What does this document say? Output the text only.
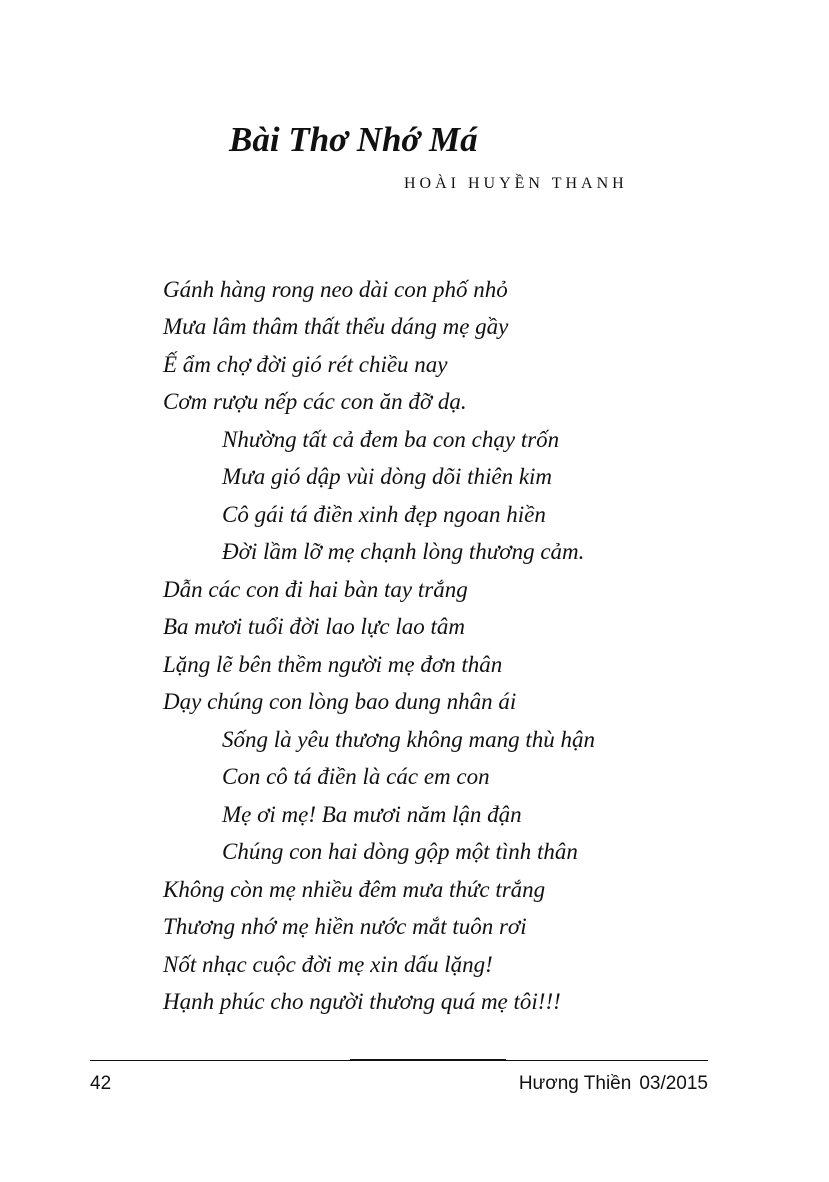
Bài Thơ Nhớ Má
HOÀI HUYỀN THANH
Gánh hàng rong neo dài con phố nhỏ
Mưa lâm thâm thất thểu dáng mẹ gầy
Ế ẩm chợ đời gió rét chiều nay
Cơm rượu nếp các con ăn đỡ dạ.
Nhường tất cả đem ba con chạy trốn
Mưa gió dập vùi dòng dõi thiên kim
Cô gái tá điền xinh đẹp ngoan hiền
Đời lầm lỡ mẹ chạnh lòng thương cảm.
Dẫn các con đi hai bàn tay trắng
Ba mươi tuổi đời lao lực lao tâm
Lặng lẽ bên thềm người mẹ đơn thân
Dạy chúng con lòng bao dung nhân ái
Sống là yêu thương không mang thù hận
Con cô tá điền là các em con
Mẹ ơi mẹ! Ba mươi năm lận đận
Chúng con hai dòng gộp một tình thân
Không còn mẹ nhiều đêm mưa thức trắng
Thương nhớ mẹ hiền nước mắt tuôn rơi
Nốt nhạc cuộc đời mẹ xin dấu lặng!
Hạnh phúc cho người thương quá mẹ tôi!!!
42	Hương Thiền 03/2015
